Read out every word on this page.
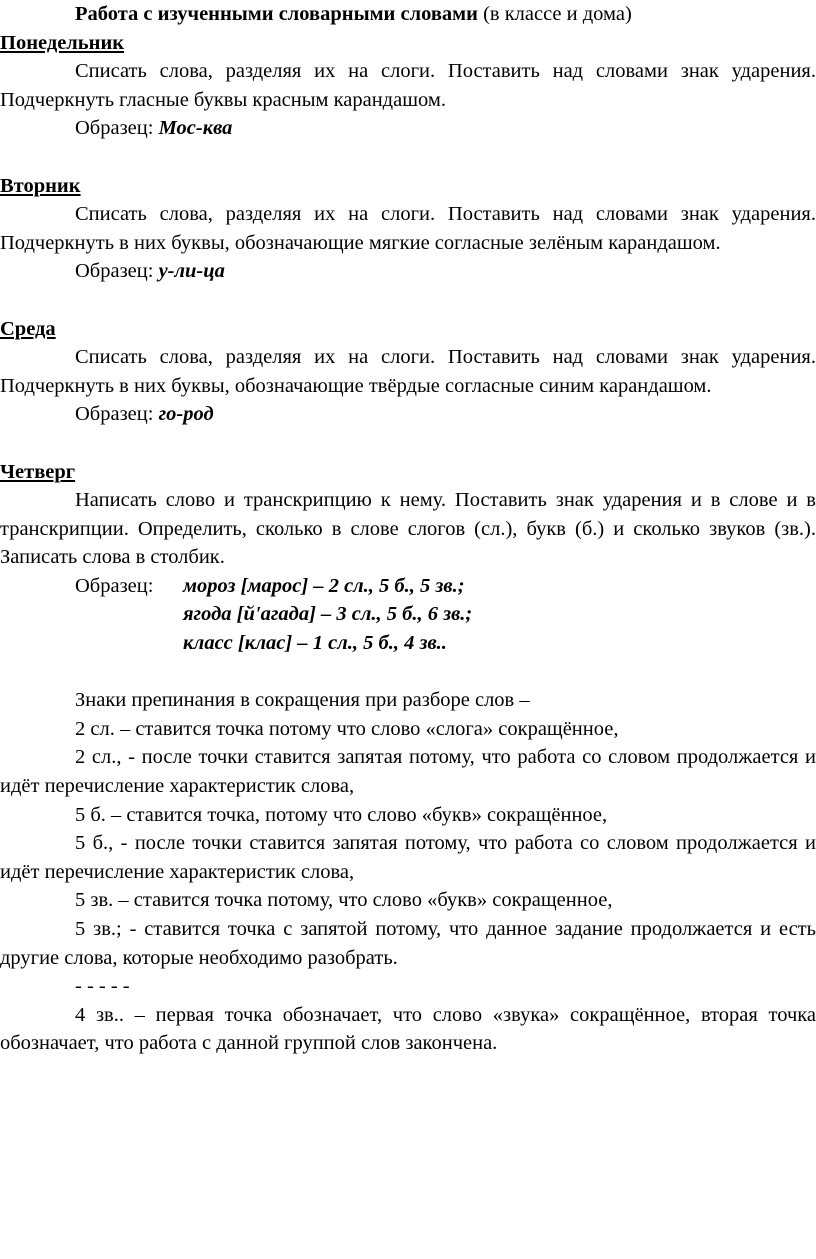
Работа с изученными словарными словами (в классе и дома)

Понедельник

Списать слова, разделяя их на слоги. Поставить над словами знак ударения. Подчеркнуть гласные буквы красным карандашом.

Образец: Мос-ква

Вторник

Списать слова, разделяя их на слоги. Поставить над словами знак ударения. Подчеркнуть в них буквы, обозначающие мягкие согласные зелёным карандашом.

Образец: у-ли-ца

Среда

Списать слова, разделяя их на слоги. Поставить над словами знак ударения. Подчеркнуть в них буквы, обозначающие твёрдые согласные синим карандашом.

Образец: го-род

Четверг

Написать слово и транскрипцию к нему. Поставить знак ударения и в слове и в транскрипции. Определить, сколько в слове слогов (сл.), букв (б.) и сколько звуков (зв.).      Записать слова в столбик.

Образец:	мороз [марос] – 2 сл., 5 б., 5 зв.;
ягода [й'агада] – 3 сл., 5 б., 6 зв.;
класс [клас] – 1 сл., 5 б., 4 зв..

Знаки препинания в сокращения при разборе слов –

2 сл. – ставится точка потому что слово «слога» сокращённое,

2 сл., - после точки ставится запятая потому, что работа со словом продолжается и идёт перечисление характеристик слова,

5 б. – ставится точка, потому что слово «букв» сокращённое,

5 б., - после точки ставится запятая потому, что работа со словом продолжается и идёт перечисление характеристик слова,

5 зв. – ставится точка потому, что слово «букв» сокращенное,

5 зв.; - ставится точка с запятой потому, что данное задание продолжается и есть другие слова, которые необходимо разобрать.

- - - - -

4 зв.. – первая точка обозначает, что слово «звука» сокращённое, вторая точка обозначает, что работа с данной группой слов закончена.
